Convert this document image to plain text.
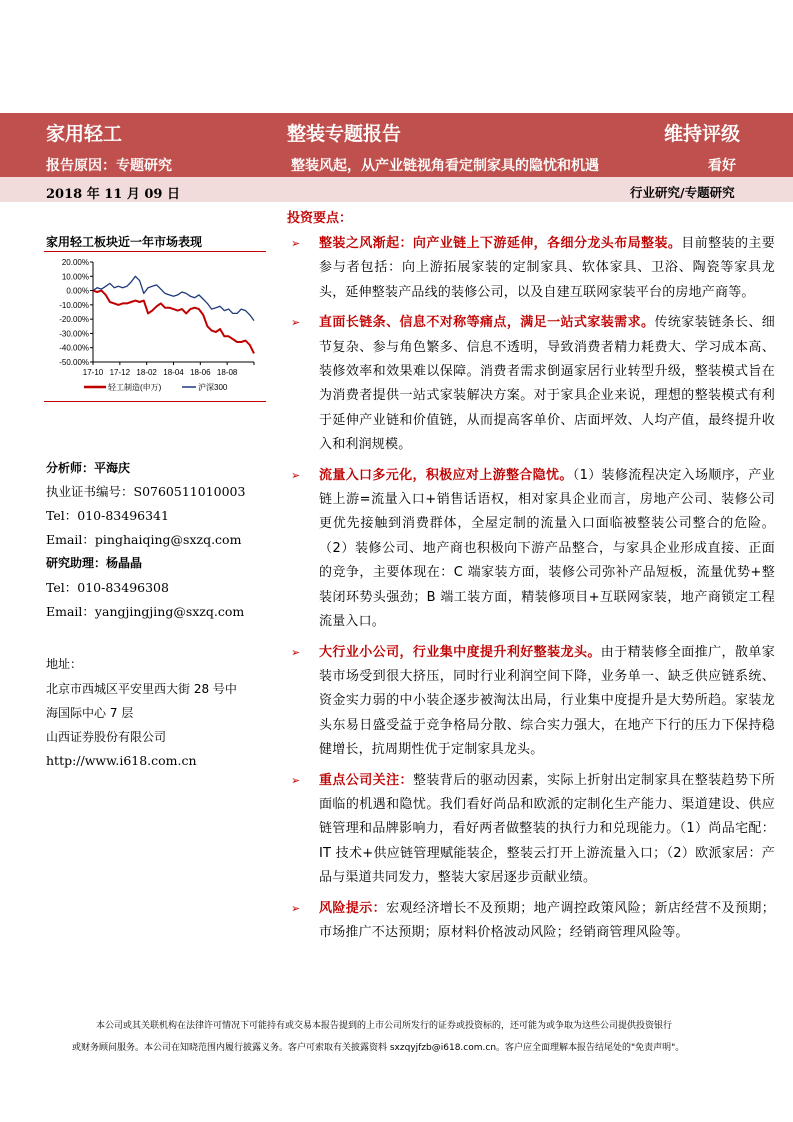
家用轻工	整装专题报告	维持评级
报告原因：专题研究	整装风起，从产业链视角看定制家具的隐忧和机遇	看好
2018 年 11 月 09 日	行业研究/专题研究
家用轻工板块近一年市场表现
20.00%
10.00%
0.00%
-10.00%
-20.00%
-30.00%
-40.00%
-50.00%
17-10 17-12 18-02 18-04 18-06 18-08
轻工制造(申万)	沪深300
分析师：平海庆
执业证书编号：S0760511010003
Tel：010-83496341
Email：pinghaiqing@sxzq.com
研究助理：杨晶晶
Tel：010-83496308
Email：yangjingjing@sxzq.com
地址：
北京市西城区平安里西大街 28 号中
海国际中心 7 层
山西证券股份有限公司
http://www.i618.com.cn
投资要点：
➢ 整装之风渐起：向产业链上下游延伸，各细分龙头布局整装。目前整装的主要参与者包括：向上游拓展家装的定制家具、软体家具、卫浴、陶瓷等家具龙头，延伸整装产品线的装修公司，以及自建互联网家装平台的房地产商等。
➢ 直面长链条、信息不对称等痛点，满足一站式家装需求。传统家装链条长、细节复杂、参与角色繁多、信息不透明，导致消费者精力耗费大、学习成本高、装修效率和效果难以保障。消费者需求倒逼家居行业转型升级，整装模式旨在为消费者提供一站式家装解决方案。对于家具企业来说，理想的整装模式有利于延伸产业链和价值链，从而提高客单价、店面坪效、人均产值，最终提升收入和利润规模。
➢ 流量入口多元化，积极应对上游整合隐忧。（1）装修流程决定入场顺序，产业链上游=流量入口+销售话语权，相对家具企业而言，房地产公司、装修公司更优先接触到消费群体，全屋定制的流量入口面临被整装公司整合的危险。（2）装修公司、地产商也积极向下游产品整合，与家具企业形成直接、正面的竞争，主要体现在：C 端家装方面，装修公司弥补产品短板，流量优势+整装闭环势头强劲；B 端工装方面，精装修项目+互联网家装，地产商锁定工程流量入口。
➢ 大行业小公司，行业集中度提升利好整装龙头。由于精装修全面推广，散单家装市场受到很大挤压，同时行业利润空间下降，业务单一、缺乏供应链系统、资金实力弱的中小装企逐步被淘汰出局，行业集中度提升是大势所趋。家装龙头东易日盛受益于竞争格局分散、综合实力强大，在地产下行的压力下保持稳健增长，抗周期性优于定制家具龙头。
➢ 重点公司关注：整装背后的驱动因素，实际上折射出定制家具在整装趋势下所面临的机遇和隐忧。我们看好尚品和欧派的定制化生产能力、渠道建设、供应链管理和品牌影响力，看好两者做整装的执行力和兑现能力。（1）尚品宅配：IT 技术+供应链管理赋能装企，整装云打开上游流量入口；（2）欧派家居：产品与渠道共同发力，整装大家居逐步贡献业绩。
➢ 风险提示：宏观经济增长不及预期；地产调控政策风险；新店经营不及预期；市场推广不达预期；原材料价格波动风险；经销商管理风险等。
本公司或其关联机构在法律许可情况下可能持有或交易本报告提到的上市公司所发行的证券或投资标的，还可能为或争取为这些公司提供投资银行
或财务顾问服务。本公司在知晓范围内履行披露义务。客户可索取有关披露资料 sxzqyjfzb@i618.com.cn。客户应全面理解本报告结尾处的"免责声明"。
